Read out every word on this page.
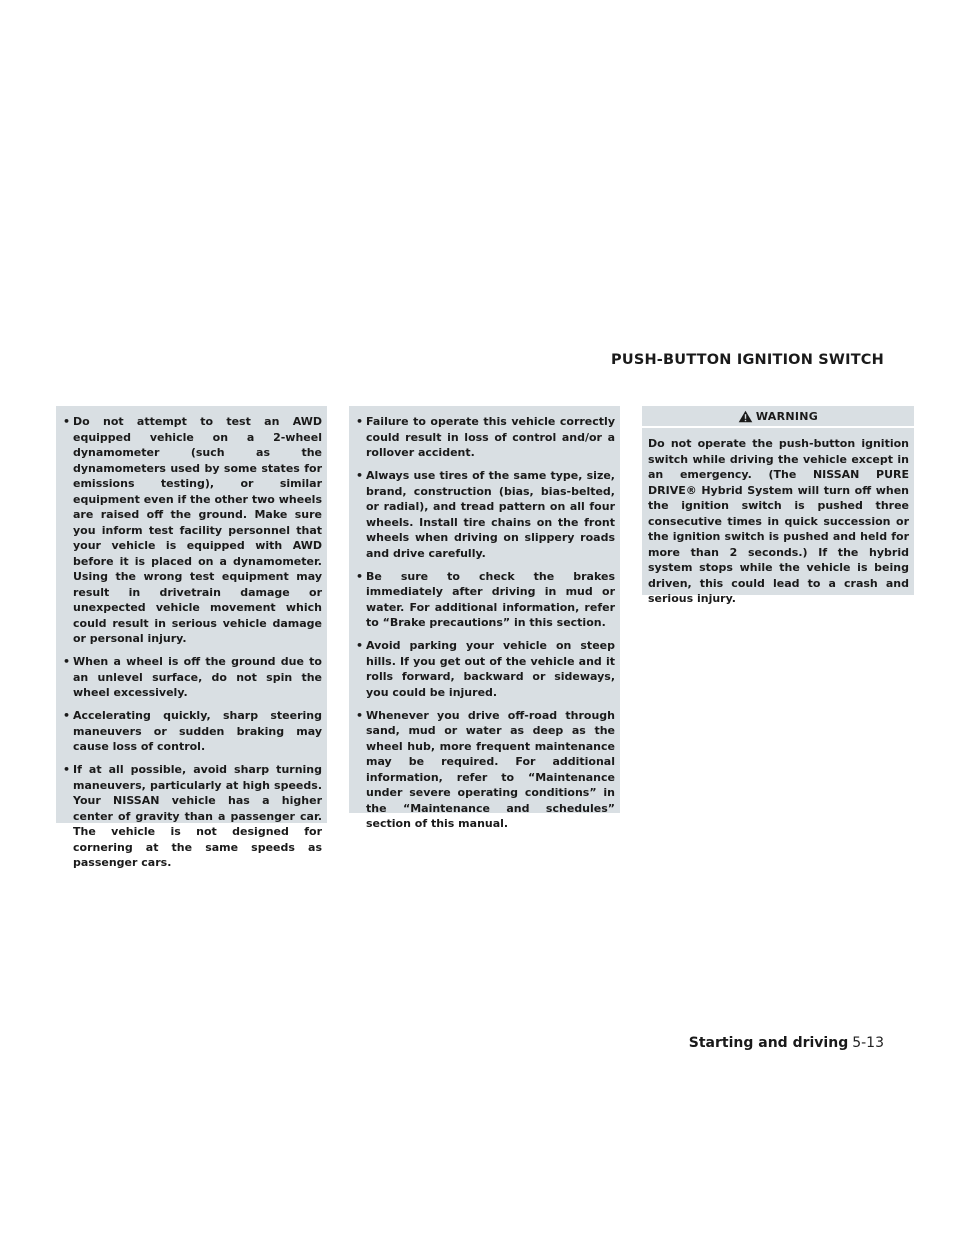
PUSH-BUTTON IGNITION SWITCH
• Do not attempt to test an AWD equipped vehicle on a 2-wheel dynamometer (such as the dynamometers used by some states for emissions testing), or similar equipment even if the other two wheels are raised off the ground. Make sure you inform test facility personnel that your vehicle is equipped with AWD before it is placed on a dynamometer. Using the wrong test equipment may result in drivetrain damage or unexpected vehicle movement which could result in serious vehicle damage or personal injury.
• When a wheel is off the ground due to an unlevel surface, do not spin the wheel excessively.
• Accelerating quickly, sharp steering maneuvers or sudden braking may cause loss of control.
• If at all possible, avoid sharp turning maneuvers, particularly at high speeds. Your NISSAN vehicle has a higher center of gravity than a passenger car. The vehicle is not designed for cornering at the same speeds as passenger cars.
• Failure to operate this vehicle correctly could result in loss of control and/or a rollover accident.
• Always use tires of the same type, size, brand, construction (bias, bias-belted, or radial), and tread pattern on all four wheels. Install tire chains on the front wheels when driving on slippery roads and drive carefully.
• Be sure to check the brakes immediately after driving in mud or water. For additional information, refer to “Brake precautions” in this section.
• Avoid parking your vehicle on steep hills. If you get out of the vehicle and it rolls forward, backward or sideways, you could be injured.
• Whenever you drive off-road through sand, mud or water as deep as the wheel hub, more frequent maintenance may be required. For additional information, refer to “Maintenance under severe operating conditions” in the “Maintenance and schedules” section of this manual.
WARNING

Do not operate the push-button ignition switch while driving the vehicle except in an emergency. (The NISSAN PURE DRIVE® Hybrid System will turn off when the ignition switch is pushed three consecutive times in quick succession or the ignition switch is pushed and held for more than 2 seconds.) If the hybrid system stops while the vehicle is being driven, this could lead to a crash and serious injury.

Starting and driving 5-13
